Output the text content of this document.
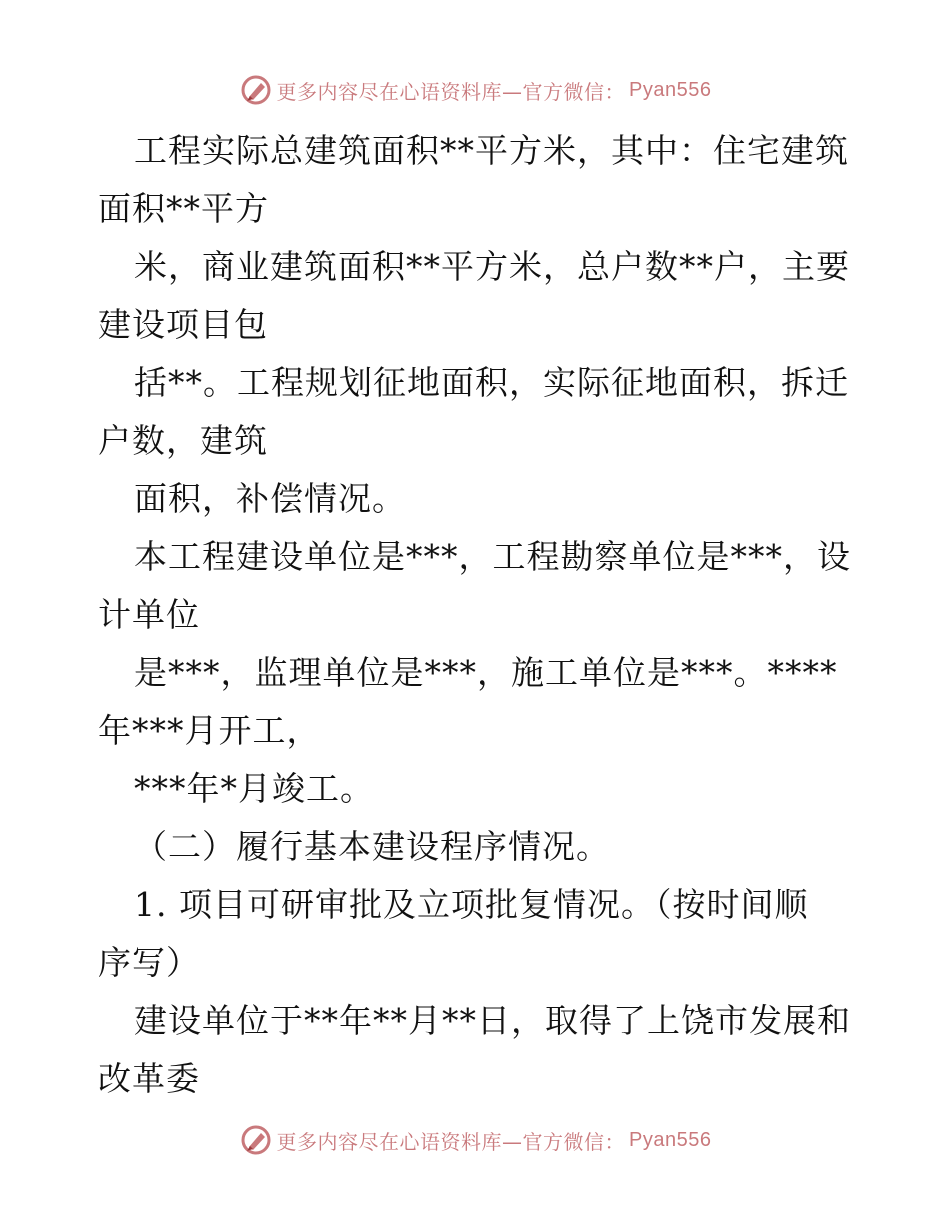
更多内容尽在心语资料库—官方微信： Pyan556
工程实际总建筑面积**平方米，其中：住宅建筑
面积**平方
米，商业建筑面积**平方米，总户数**户，主要
建设项目包
括**。工程规划征地面积，实际征地面积，拆迁
户数，建筑
面积，补偿情况。
本工程建设单位是***，工程勘察单位是***，设
计单位
是***，监理单位是***，施工单位是***。****
年***月开工，
***年*月竣工。
（二）履行基本建设程序情况。
1. 项目可研审批及立项批复情况。（按时间顺
序写）
建设单位于**年**月**日，取得了上饶市发展和
改革委
更多内容尽在心语资料库—官方微信： Pyan556
